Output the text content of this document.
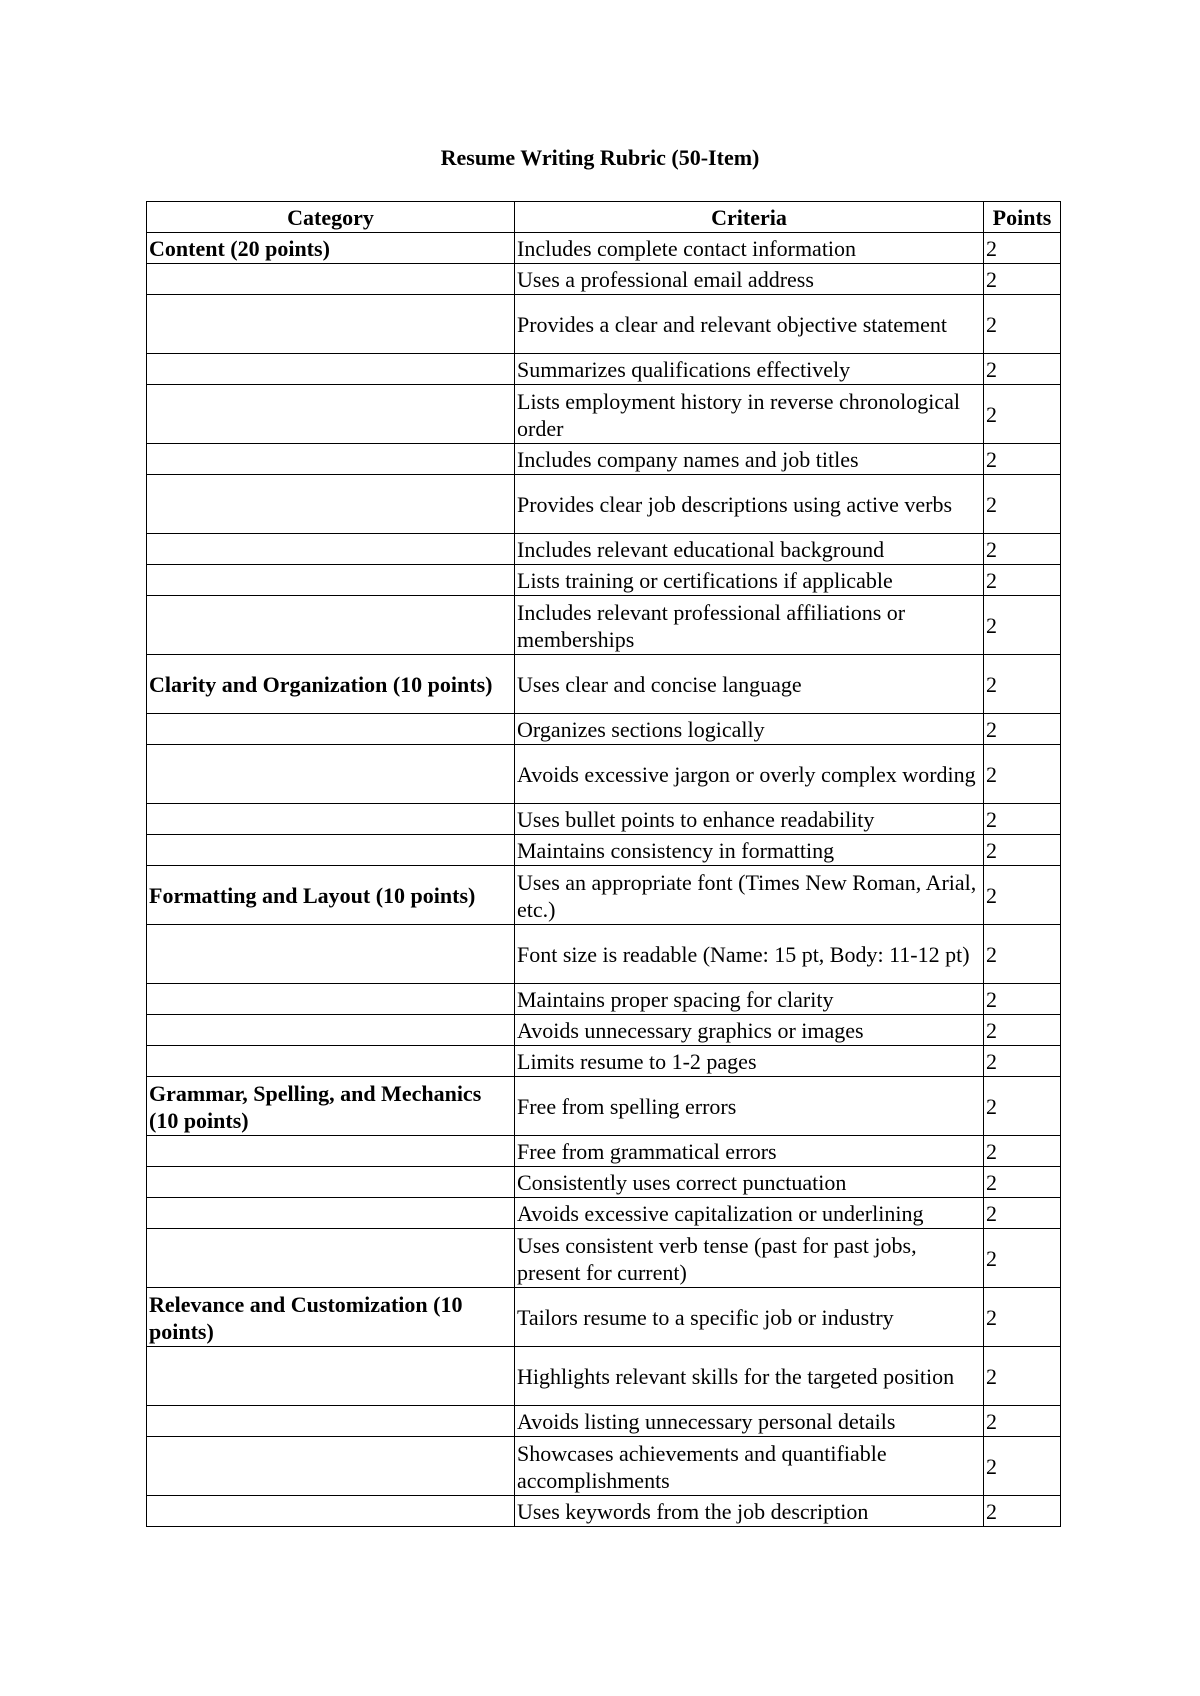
Resume Writing Rubric (50-Item)
Category	Criteria	Points
Content (20 points)	Includes complete contact information	2
	Uses a professional email address	2
	Provides a clear and relevant objective statement	2
	Summarizes qualifications effectively	2
	Lists employment history in reverse chronological order	2
	Includes company names and job titles	2
	Provides clear job descriptions using active verbs	2
	Includes relevant educational background	2
	Lists training or certifications if applicable	2
	Includes relevant professional affiliations or memberships	2
Clarity and Organization (10 points)	Uses clear and concise language	2
	Organizes sections logically	2
	Avoids excessive jargon or overly complex wording	2
	Uses bullet points to enhance readability	2
	Maintains consistency in formatting	2
Formatting and Layout (10 points)	Uses an appropriate font (Times New Roman, Arial, etc.)	2
	Font size is readable (Name: 15 pt, Body: 11-12 pt)	2
	Maintains proper spacing for clarity	2
	Avoids unnecessary graphics or images	2
	Limits resume to 1-2 pages	2
Grammar, Spelling, and Mechanics (10 points)	Free from spelling errors	2
	Free from grammatical errors	2
	Consistently uses correct punctuation	2
	Avoids excessive capitalization or underlining	2
	Uses consistent verb tense (past for past jobs, present for current)	2
Relevance and Customization (10 points)	Tailors resume to a specific job or industry	2
	Highlights relevant skills for the targeted position	2
	Avoids listing unnecessary personal details	2
	Showcases achievements and quantifiable accomplishments	2
	Uses keywords from the job description	2
